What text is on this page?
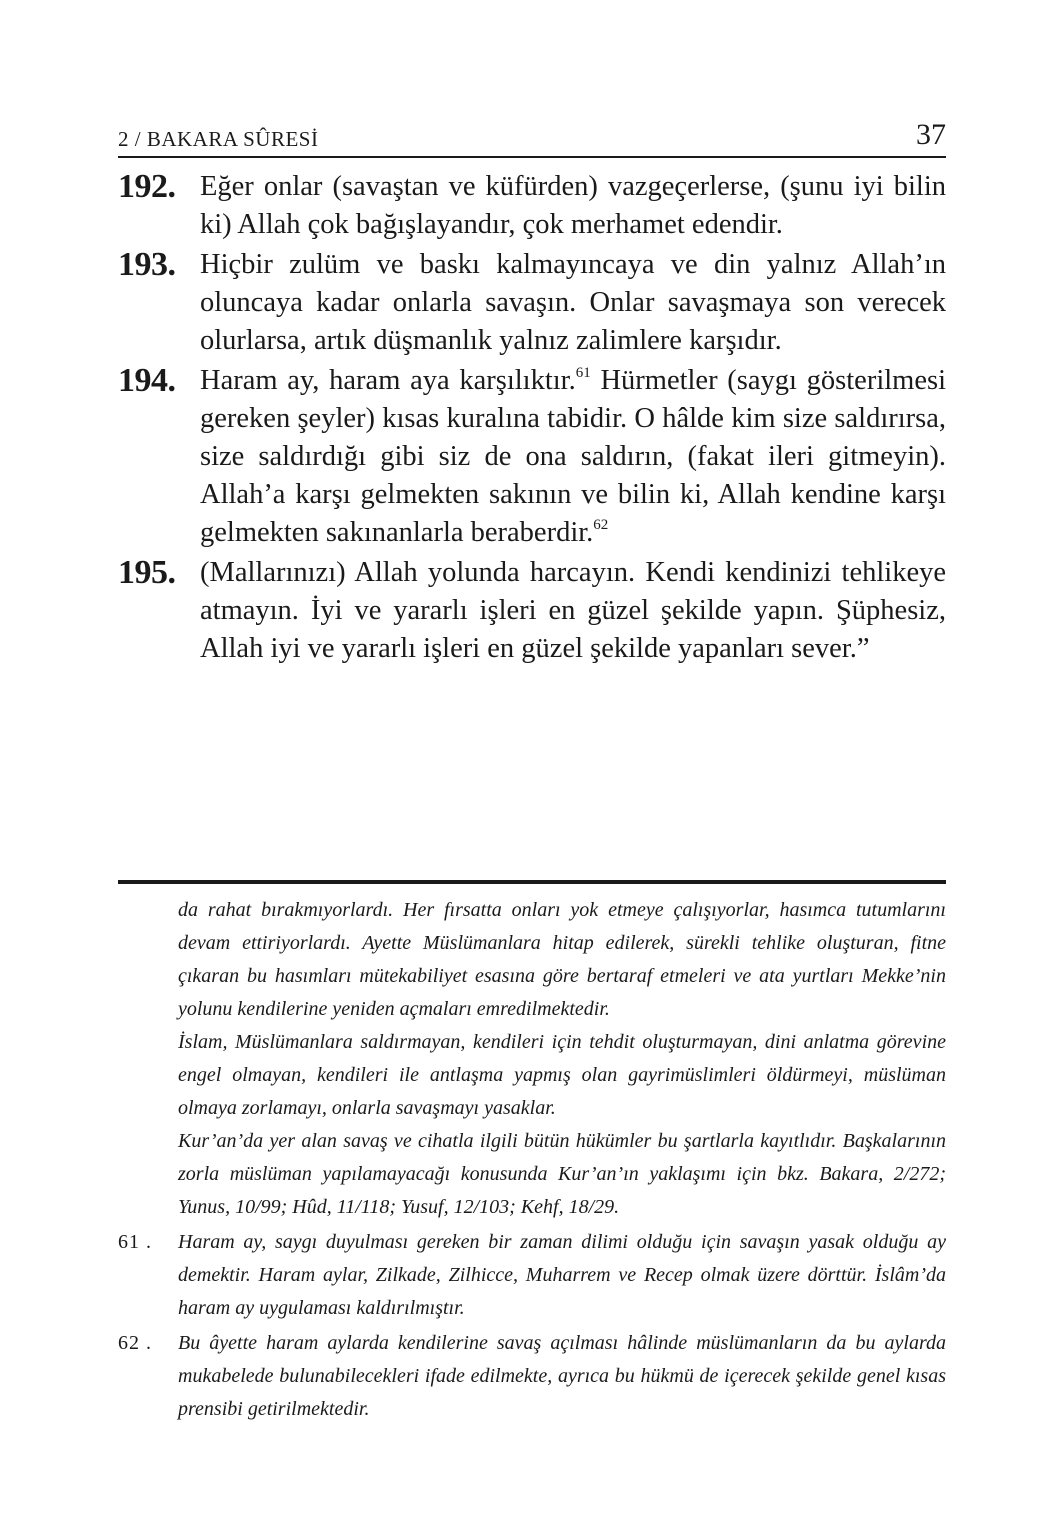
2 / BAKARA SÛRESİ	37
192. Eğer onlar (savaştan ve küfürden) vazgeçerlerse, (şunu iyi bilin ki) Allah çok bağışlayandır, çok merhamet edendir.
193. Hiçbir zulüm ve baskı kalmayıncaya ve din yalnız Allah’ın oluncaya kadar onlarla savaşın. Onlar savaşmaya son verecek olurlarsa, artık düşmanlık yalnız zalimlere karşıdır.
194. Haram ay, haram aya karşılıktır.$^{61}$ Hürmetler (saygı gösterilmesi gereken şeyler) kısas kuralına tabidir. O hâlde kim size saldırırsa, size saldırdığı gibi siz de ona saldırın, (fakat ileri gitmeyin). Allah’a karşı gelmekten sakının ve bilin ki, Allah kendine karşı gelmekten sakınanlarla beraberdir.$^{62}$
195. (Mallarınızı) Allah yolunda harcayın. Kendi kendinizi tehlikeye atmayın. İyi ve yararlı işleri en güzel şekilde yapın. Şüphesiz, Allah iyi ve yararlı işleri en güzel şekilde yapanları sever.”

da rahat bırakmıyorlardı. Her fırsatta onları yok etmeye çalışıyorlar, hasımca tutumlarını devam ettiriyorlardı. Ayette Müslümanlara hitap edilerek, sürekli tehlike oluşturan, fitne çıkaran bu hasımları mütekabiliyet esasına göre bertaraf etmeleri ve ata yurtları Mekke’nin yolunu kendilerine yeniden açmaları emredilmektedir.

İslam, Müslümanlara saldırmayan, kendileri için tehdit oluşturmayan, dini anlatma görevine engel olmayan, kendileri ile antlaşma yapmış olan gayrimüslimleri öldürmeyi, müslüman olmaya zorlamayı, onlarla savaşmayı yasaklar.

Kur’an’da yer alan savaş ve cihatla ilgili bütün hükümler bu şartlarla kayıtlıdır. Başkalarının zorla müslüman yapılamayacağı konusunda Kur’an’ın yaklaşımı için bkz. Bakara, 2/272; Yunus, 10/99; Hûd, 11/118; Yusuf, 12/103; Kehf, 18/29.

61 . Haram ay, saygı duyulması gereken bir zaman dilimi olduğu için savaşın yasak olduğu ay demektir. Haram aylar, Zilkade, Zilhicce, Muharrem ve Recep olmak üzere dörttür. İslâm’da haram ay uygulaması kaldırılmıştır.
62 . Bu âyette haram aylarda kendilerine savaş açılması hâlinde müslümanların da bu aylarda mukabelede bulunabilecekleri ifade edilmekte, ayrıca bu hükmü de içerecek şekilde genel kısas prensibi getirilmektedir.
